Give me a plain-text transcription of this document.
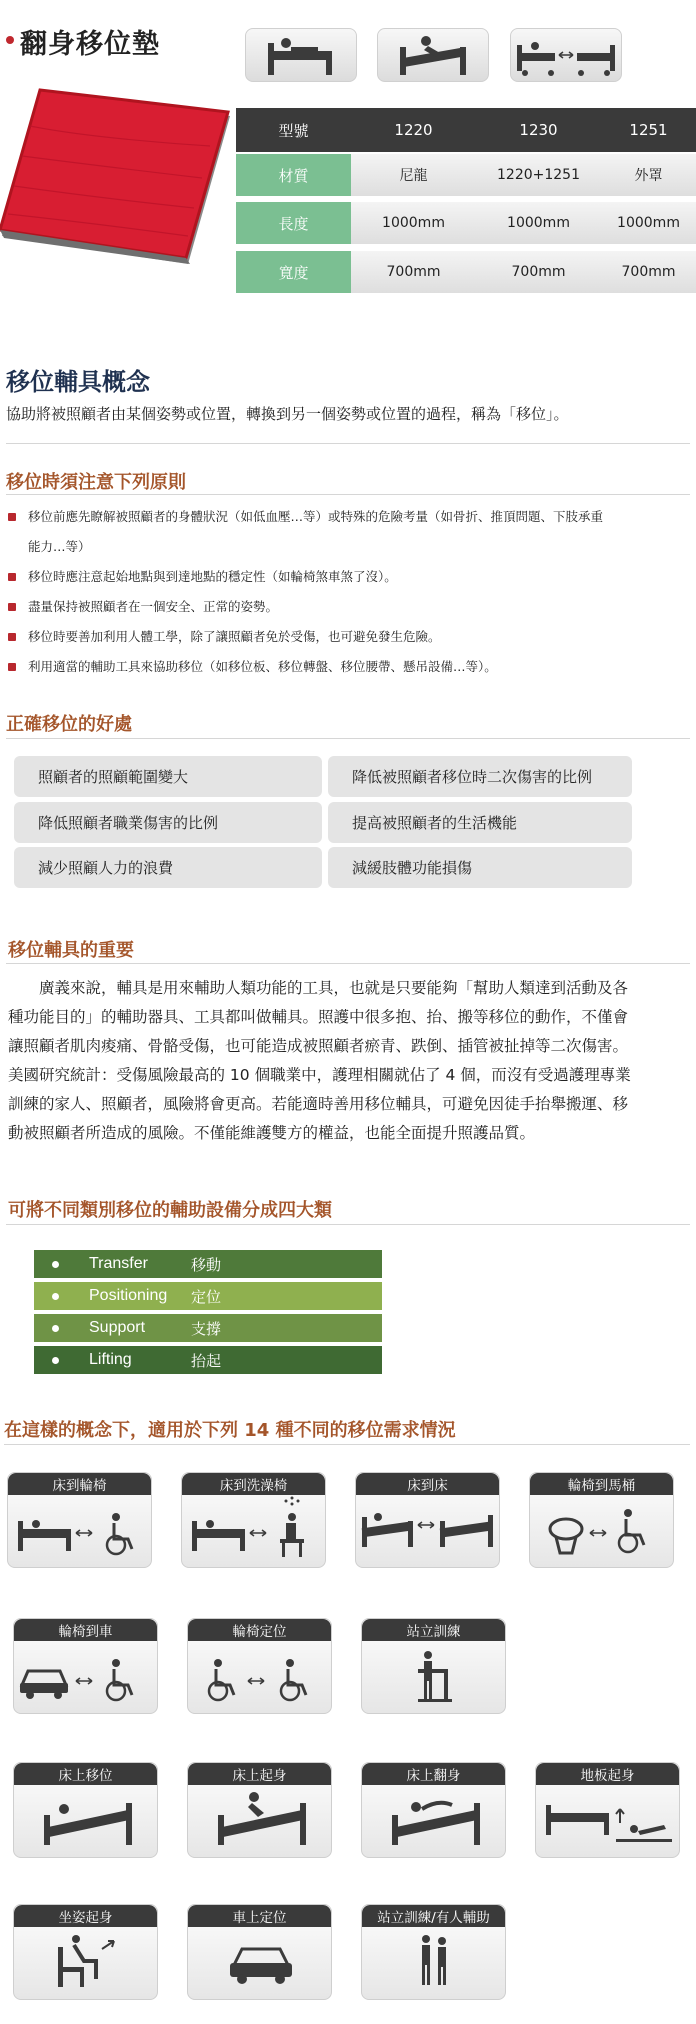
翻身移位墊
型號	1220	1230	1251
材質	尼龍	1220+1251	外罩
長度	1000mm	1000mm	1000mm
寬度	700mm	700mm	700mm
移位輔具概念
協助將被照顧者由某個姿勢或位置，轉換到另一個姿勢或位置的過程，稱為「移位」。
移位時須注意下列原則
移位前應先瞭解被照顧者的身體狀況（如低血壓…等）或特殊的危險考量（如骨折、推頂問題、下肢承重
能力…等）
移位時應注意起始地點與到達地點的穩定性（如輪椅煞車煞了沒）。
盡量保持被照顧者在一個安全、正常的姿勢。
移位時要善加利用人體工學，除了讓照顧者免於受傷，也可避免發生危險。
利用適當的輔助工具來協助移位（如移位板、移位轉盤、移位腰帶、懸吊設備…等）。
正確移位的好處
照顧者的照顧範圍變大	降低被照顧者移位時二次傷害的比例
降低照顧者職業傷害的比例	提高被照顧者的生活機能
減少照顧人力的浪費	減緩肢體功能損傷
移位輔具的重要
　　廣義來說，輔具是用來輔助人類功能的工具，也就是只要能夠「幫助人類達到活動及各
種功能目的」的輔助器具、工具都叫做輔具。照護中很多抱、抬、搬等移位的動作，不僅會
讓照顧者肌肉痠痛、骨骼受傷，也可能造成被照顧者瘀青、跌倒、插管被扯掉等二次傷害。
美國研究統計：受傷風險最高的 10 個職業中，護理相關就佔了 4 個，而沒有受過護理專業
訓練的家人、照顧者，風險將會更高。若能適時善用移位輔具，可避免因徒手抬舉搬運、移
動被照顧者所造成的風險。不僅能維護雙方的權益，也能全面提升照護品質。
可將不同類別移位的輔助設備分成四大類
Transfer	移動
Positioning	定位
Support	支撐
Lifting	抬起
在這樣的概念下，適用於下列 14 種不同的移位需求情況
床到輪椅	床到洗澡椅	床到床	輪椅到馬桶
輪椅到車	輪椅定位	站立訓練
床上移位	床上起身	床上翻身	地板起身
坐姿起身	車上定位	站立訓練/有人輔助
